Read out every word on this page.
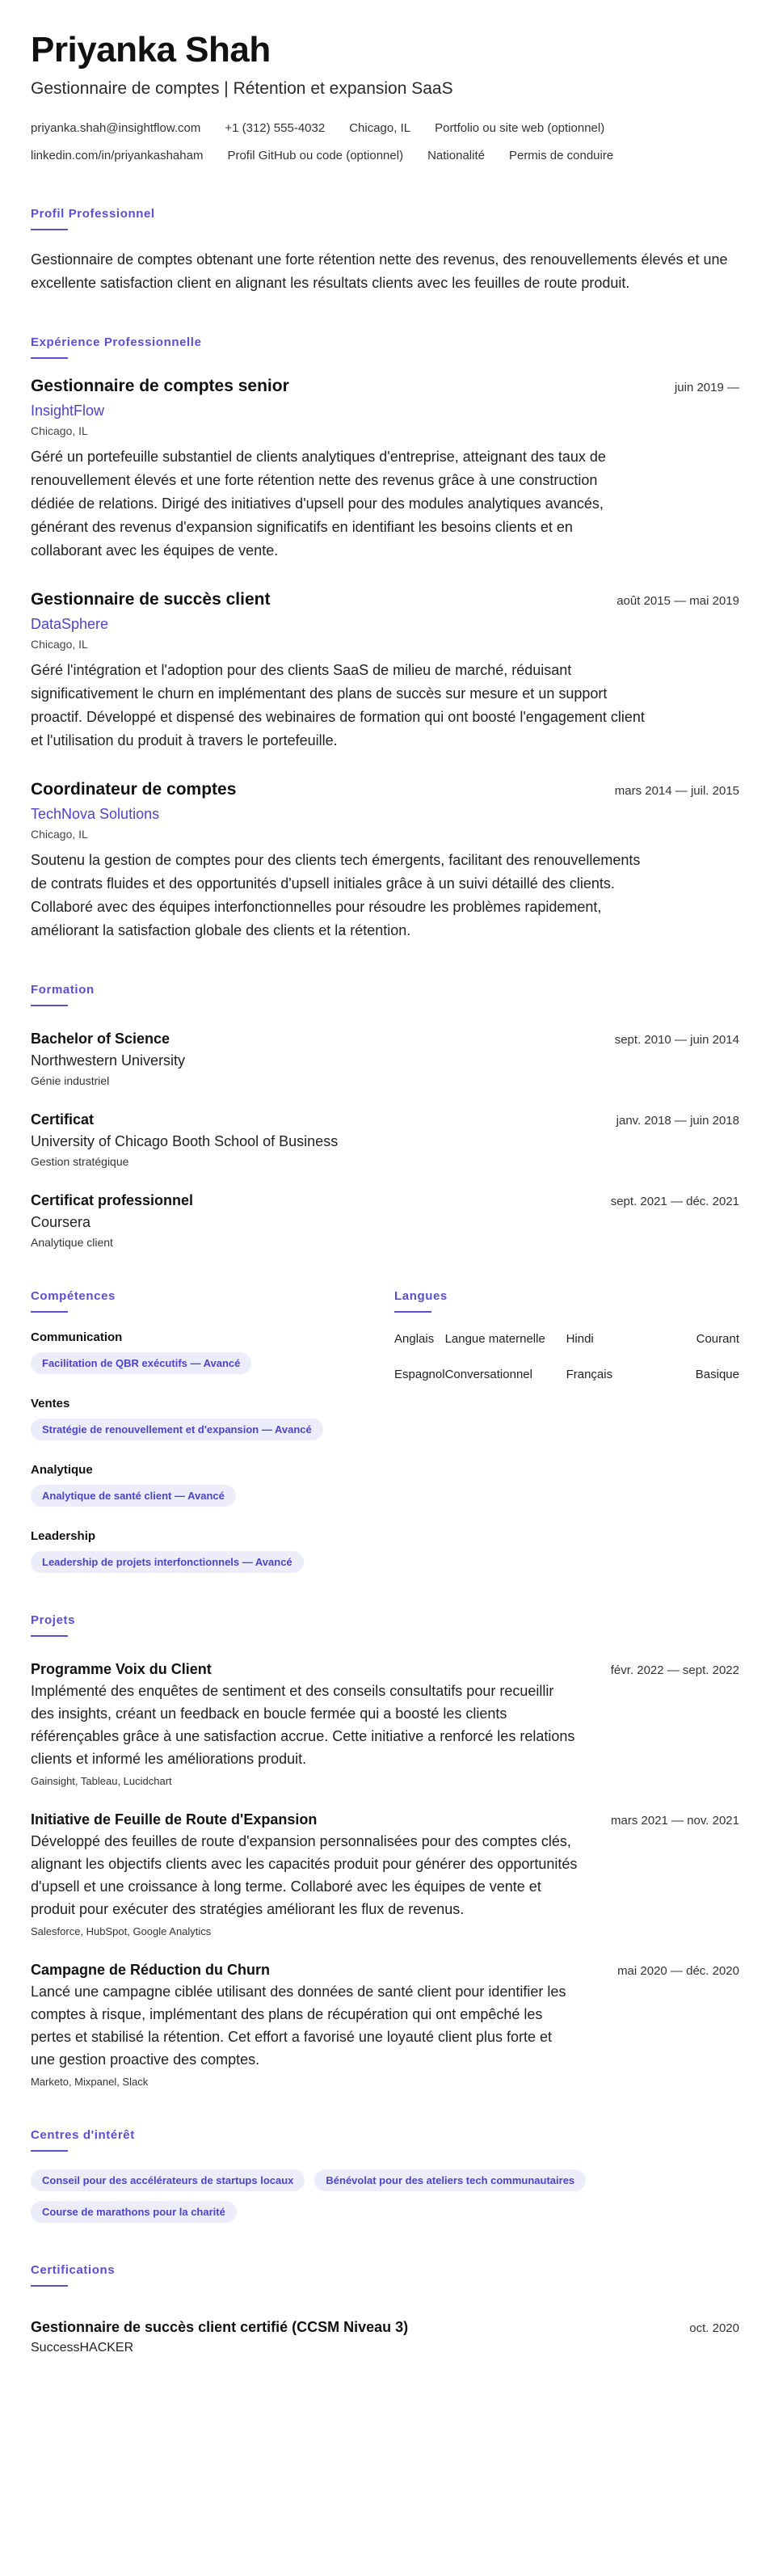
Priyanka Shah
Gestionnaire de comptes | Rétention et expansion SaaS
priyanka.shah@insightflow.com +1 (312) 555-4032 Chicago, IL Portfolio ou site web (optionnel)
linkedin.com/in/priyankashaham Profil GitHub ou code (optionnel) Nationalité Permis de conduire
Profil Professionnel
Gestionnaire de comptes obtenant une forte rétention nette des revenus, des renouvellements élevés et une excellente satisfaction client en alignant les résultats clients avec les feuilles de route produit.
Expérience Professionnelle
Gestionnaire de comptes senior	juin 2019 —
InsightFlow
Chicago, IL
Géré un portefeuille substantiel de clients analytiques d'entreprise, atteignant des taux de renouvellement élevés et une forte rétention nette des revenus grâce à une construction dédiée de relations. Dirigé des initiatives d'upsell pour des modules analytiques avancés, générant des revenus d'expansion significatifs en identifiant les besoins clients et en collaborant avec les équipes de vente.
Gestionnaire de succès client	août 2015 — mai 2019
DataSphere
Chicago, IL
Géré l'intégration et l'adoption pour des clients SaaS de milieu de marché, réduisant significativement le churn en implémentant des plans de succès sur mesure et un support proactif. Développé et dispensé des webinaires de formation qui ont boosté l'engagement client et l'utilisation du produit à travers le portefeuille.
Coordinateur de comptes	mars 2014 — juil. 2015
TechNova Solutions
Chicago, IL
Soutenu la gestion de comptes pour des clients tech émergents, facilitant des renouvellements de contrats fluides et des opportunités d'upsell initiales grâce à un suivi détaillé des clients. Collaboré avec des équipes interfonctionnelles pour résoudre les problèmes rapidement, améliorant la satisfaction globale des clients et la rétention.
Formation
Bachelor of Science	sept. 2010 — juin 2014
Northwestern University
Génie industriel
Certificat	janv. 2018 — juin 2018
University of Chicago Booth School of Business
Gestion stratégique
Certificat professionnel	sept. 2021 — déc. 2021
Coursera
Analytique client
Compétences
Communication
Facilitation de QBR exécutifs — Avancé
Ventes
Stratégie de renouvellement et d'expansion — Avancé
Analytique
Analytique de santé client — Avancé
Leadership
Leadership de projets interfonctionnels — Avancé
Langues
Anglais	Langue maternelle	Hindi	Courant
Espagnol	Conversationnel	Français	Basique
Projets
Programme Voix du Client	févr. 2022 — sept. 2022
Implémenté des enquêtes de sentiment et des conseils consultatifs pour recueillir des insights, créant un feedback en boucle fermée qui a boosté les clients référençables grâce à une satisfaction accrue. Cette initiative a renforcé les relations clients et informé les améliorations produit.
Gainsight, Tableau, Lucidchart
Initiative de Feuille de Route d'Expansion	mars 2021 — nov. 2021
Développé des feuilles de route d'expansion personnalisées pour des comptes clés, alignant les objectifs clients avec les capacités produit pour générer des opportunités d'upsell et une croissance à long terme. Collaboré avec les équipes de vente et produit pour exécuter des stratégies améliorant les flux de revenus.
Salesforce, HubSpot, Google Analytics
Campagne de Réduction du Churn	mai 2020 — déc. 2020
Lancé une campagne ciblée utilisant des données de santé client pour identifier les comptes à risque, implémentant des plans de récupération qui ont empêché les pertes et stabilisé la rétention. Cet effort a favorisé une loyauté client plus forte et une gestion proactive des comptes.
Marketo, Mixpanel, Slack
Centres d'intérêt
Conseil pour des accélérateurs de startups locaux	Bénévolat pour des ateliers tech communautaires
Course de marathons pour la charité
Certifications
Gestionnaire de succès client certifié (CCSM Niveau 3)	oct. 2020
SuccessHACKER
